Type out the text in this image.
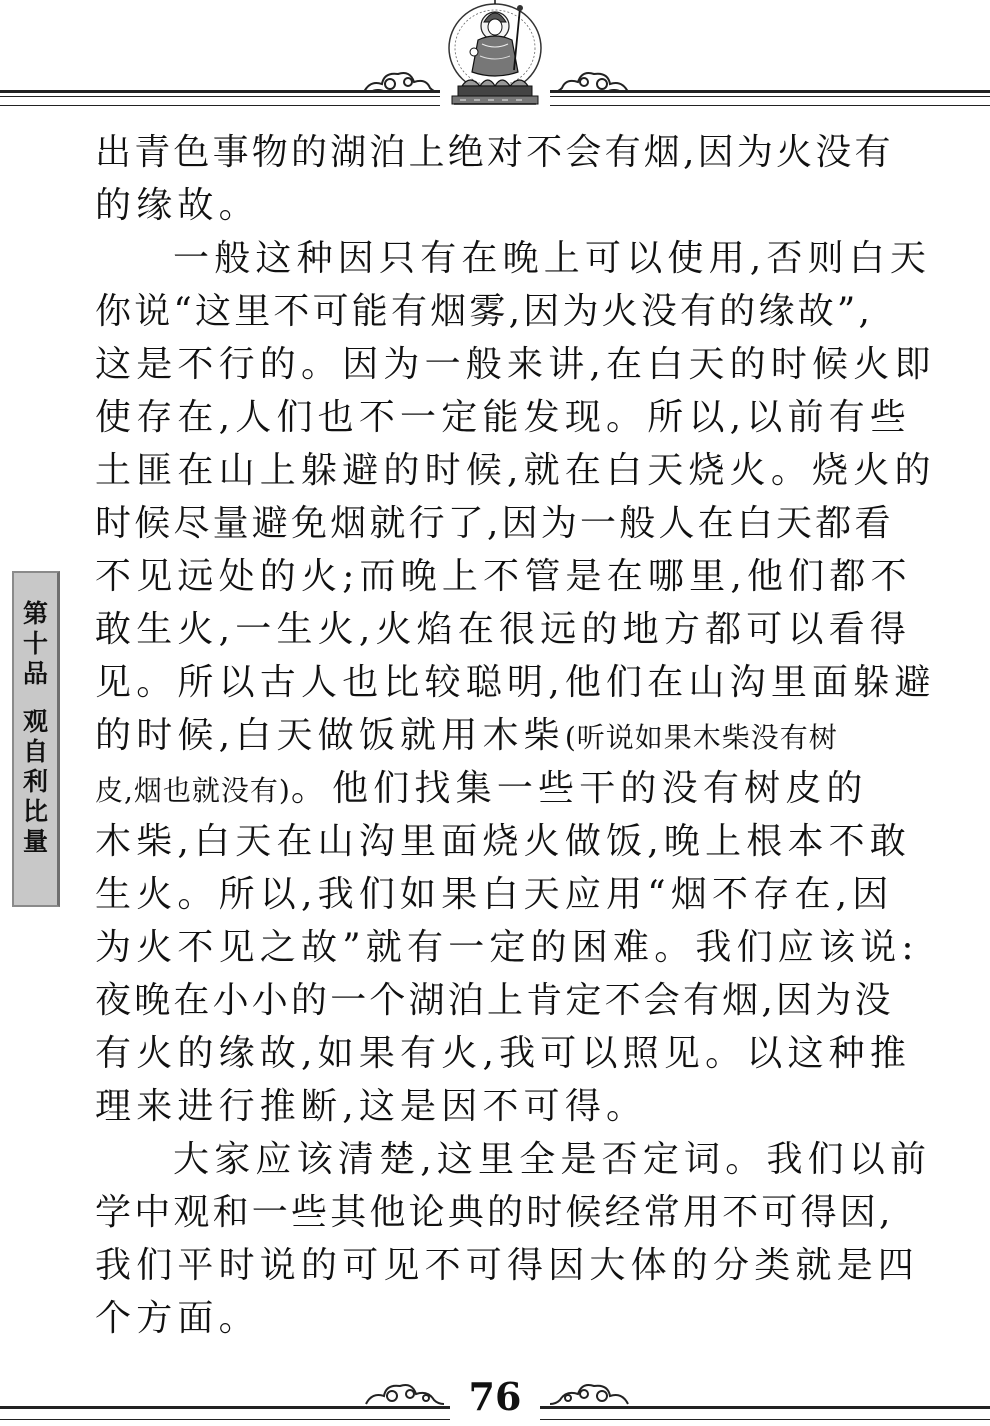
第
十
品
观
自
利
比
量
出青色事物的湖泊上绝对不会有烟,因为火没有
的缘故。
一般这种因只有在晚上可以使用,否则白天
你说“这里不可能有烟雾,因为火没有的缘故”,
这是不行的。因为一般来讲,在白天的时候火即
使存在,人们也不一定能发现。所以,以前有些
土匪在山上躲避的时候,就在白天烧火。烧火的
时候尽量避免烟就行了,因为一般人在白天都看
不见远处的火;而晚上不管是在哪里,他们都不
敢生火,一生火,火焰在很远的地方都可以看得
见。所以古人也比较聪明,他们在山沟里面躲避
的时候,白天做饭就用木柴(听说如果木柴没有树
皮,烟也就没有)。他们找集一些干的没有树皮的
木柴,白天在山沟里面烧火做饭,晚上根本不敢
生火。所以,我们如果白天应用“烟不存在,因
为火不见之故”就有一定的困难。我们应该说:
夜晚在小小的一个湖泊上肯定不会有烟,因为没
有火的缘故,如果有火,我可以照见。以这种推
理来进行推断,这是因不可得。
大家应该清楚,这里全是否定词。我们以前
学中观和一些其他论典的时候经常用不可得因,
我们平时说的可见不可得因大体的分类就是四
个方面。
76
